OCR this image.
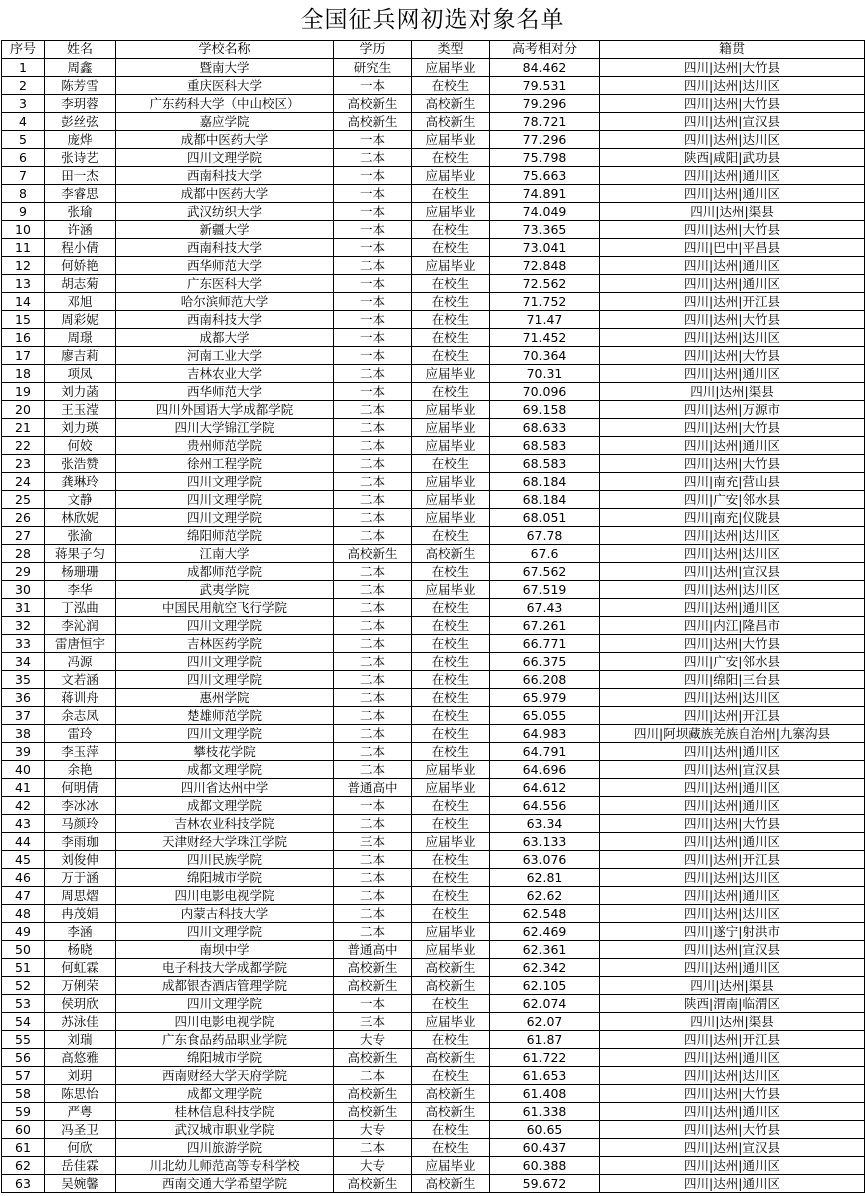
全国征兵网初选对象名单
序号	姓名	学校名称	学历	类型	高考相对分	籍贯
1	周鑫	暨南大学	研究生	应届毕业	84.462	四川|达州|大竹县
2	陈芳雪	重庆医科大学	一本	在校生	79.531	四川|达州|达川区
3	李玥蓉	广东药科大学（中山校区）	高校新生	高校新生	79.296	四川|达州|大竹县
4	彭丝弦	嘉应学院	高校新生	高校新生	78.721	四川|达州|宣汉县
5	庞烨	成都中医药大学	一本	应届毕业	77.296	四川|达州|达川区
6	张诗艺	四川文理学院	二本	在校生	75.798	陕西|咸阳|武功县
7	田一杰	西南科技大学	一本	应届毕业	75.663	四川|达州|通川区
8	李睿思	成都中医药大学	一本	在校生	74.891	四川|达州|通川区
9	张瑜	武汉纺织大学	一本	应届毕业	74.049	四川|达州|渠县
10	许涵	新疆大学	一本	在校生	73.365	四川|达州|大竹县
11	程小倩	西南科技大学	一本	在校生	73.041	四川|巴中|平昌县
12	何娇艳	西华师范大学	二本	应届毕业	72.848	四川|达州|通川区
13	胡志菊	广东医科大学	一本	在校生	72.562	四川|达州|通川区
14	邓旭	哈尔滨师范大学	一本	在校生	71.752	四川|达州|开江县
15	周彩妮	西南科技大学	一本	在校生	71.47	四川|达州|大竹县
16	周璟	成都大学	一本	在校生	71.452	四川|达州|达川区
17	廖吉莉	河南工业大学	一本	在校生	70.364	四川|达州|大竹县
18	项凤	吉林农业大学	二本	应届毕业	70.31	四川|达州|通川区
19	刘力菡	西华师范大学	一本	在校生	70.096	四川|达州|渠县
20	王玉滢	四川外国语大学成都学院	二本	应届毕业	69.158	四川|达州|万源市
21	刘力瑛	四川大学锦江学院	二本	应届毕业	68.633	四川|达州|大竹县
22	何姣	贵州师范学院	二本	应届毕业	68.583	四川|达州|通川区
23	张浩赞	徐州工程学院	二本	在校生	68.583	四川|达州|大竹县
24	龚琳玲	四川文理学院	二本	应届毕业	68.184	四川|南充|营山县
25	文静	四川文理学院	二本	应届毕业	68.184	四川|广安|邻水县
26	林欣妮	四川文理学院	二本	应届毕业	68.051	四川|南充|仪陇县
27	张渝	绵阳师范学院	二本	在校生	67.78	四川|达州|达川区
28	蒋果子匀	江南大学	高校新生	高校新生	67.6	四川|达州|达川区
29	杨珊珊	成都师范学院	二本	在校生	67.562	四川|达州|宣汉县
30	李华	武夷学院	二本	应届毕业	67.519	四川|达州|达川区
31	丁泓曲	中国民用航空飞行学院	二本	在校生	67.43	四川|达州|通川区
32	李沁润	四川文理学院	二本	在校生	67.261	四川|内江|隆昌市
33	雷唐恒宇	吉林医药学院	二本	在校生	66.771	四川|达州|大竹县
34	冯源	四川文理学院	二本	在校生	66.375	四川|广安|邻水县
35	文若涵	四川文理学院	二本	在校生	66.208	四川|绵阳|三台县
36	蒋训舟	惠州学院	二本	在校生	65.979	四川|达州|达川区
37	余志凤	楚雄师范学院	二本	在校生	65.055	四川|达州|开江县
38	雷玲	四川文理学院	二本	在校生	64.983	四川|阿坝藏族羌族自治州|九寨沟县
39	李玉萍	攀枝花学院	二本	在校生	64.791	四川|达州|通川区
40	余艳	成都文理学院	二本	应届毕业	64.696	四川|达州|宣汉县
41	何明倩	四川省达州中学	普通高中	应届毕业	64.612	四川|达州|通川区
42	李冰冰	成都文理学院	一本	在校生	64.556	四川|达州|通川区
43	马颜玲	吉林农业科技学院	二本	在校生	63.34	四川|达州|大竹县
44	李雨珈	天津财经大学珠江学院	三本	应届毕业	63.133	四川|达州|通川区
45	刘俊伸	四川民族学院	二本	在校生	63.076	四川|达州|开江县
46	万于涵	绵阳城市学院	二本	在校生	62.81	四川|达州|达川区
47	周思熠	四川电影电视学院	二本	在校生	62.62	四川|达州|通川区
48	冉茂娟	内蒙古科技大学	二本	在校生	62.548	四川|达州|达川区
49	李涵	四川文理学院	二本	应届毕业	62.469	四川|遂宁|射洪市
50	杨晓	南坝中学	普通高中	应届毕业	62.361	四川|达州|宣汉县
51	何虹霖	电子科技大学成都学院	高校新生	高校新生	62.342	四川|达州|通川区
52	万俐荣	成都银杏酒店管理学院	高校新生	高校新生	62.105	四川|达州|渠县
53	侯玥欣	四川文理学院	一本	在校生	62.074	陕西|渭南|临渭区
54	苏泳佳	四川电影电视学院	三本	应届毕业	62.07	四川|达州|渠县
55	刘瑞	广东食品药品职业学院	大专	在校生	61.87	四川|达州|开江县
56	高悠雅	绵阳城市学院	高校新生	高校新生	61.722	四川|达州|通川区
57	刘玥	西南财经大学天府学院	二本	在校生	61.653	四川|达州|达川区
58	陈思怡	成都文理学院	高校新生	高校新生	61.408	四川|达州|大竹县
59	严粤	桂林信息科技学院	高校新生	高校新生	61.338	四川|达州|通川区
60	冯圣卫	武汉城市职业学院	大专	在校生	60.65	四川|达州|大竹县
61	何欣	四川旅游学院	二本	在校生	60.437	四川|达州|宣汉县
62	岳佳霖	川北幼儿师范高等专科学校	大专	应届毕业	60.388	四川|达州|通川区
63	吴婉馨	西南交通大学希望学院	高校新生	高校新生	59.672	四川|达州|通川区
